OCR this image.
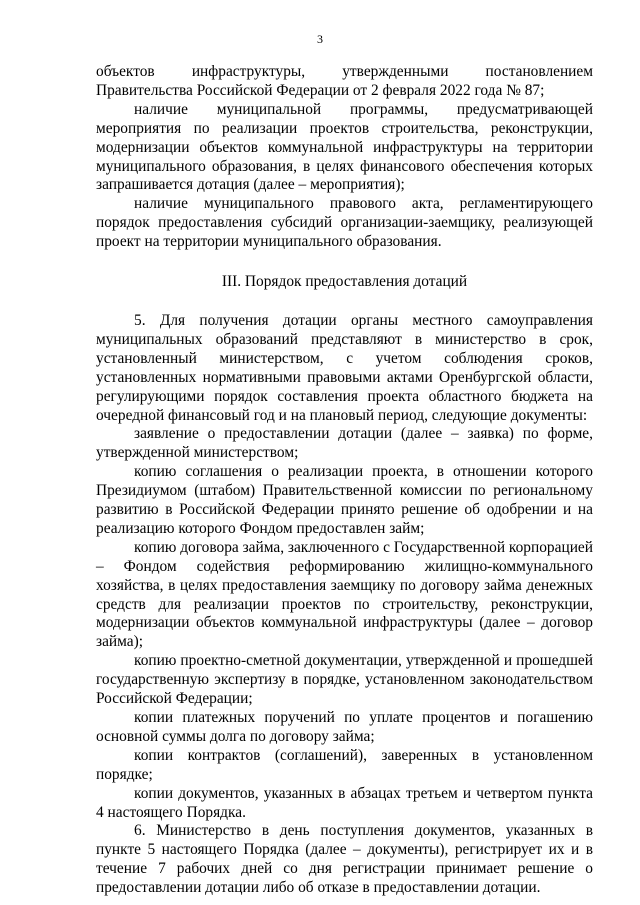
3

объектов инфраструктуры, утвержденными постановлением Правительства Российской Федерации от 2 февраля 2022 года № 87;

наличие муниципальной программы, предусматривающей мероприятия по реализации проектов строительства, реконструкции, модернизации объектов коммунальной инфраструктуры на территории муниципального образования, в целях финансового обеспечения которых запрашивается дотация (далее – мероприятия);

наличие муниципального правового акта, регламентирующего порядок предоставления субсидий организации-заемщику, реализующей проект на территории муниципального образования.

III. Порядок предоставления дотаций

5. Для получения дотации органы местного самоуправления муниципальных образований представляют в министерство в срок, установленный министерством, с учетом соблюдения сроков, установленных нормативными правовыми актами Оренбургской области, регулирующими порядок составления проекта областного бюджета на очередной финансовый год и на плановый период, следующие документы:

заявление о предоставлении дотации (далее – заявка) по форме, утвержденной министерством;

копию соглашения о реализации проекта, в отношении которого Президиумом (штабом) Правительственной комиссии по региональному развитию в Российской Федерации принято решение об одобрении и на реализацию которого Фондом предоставлен займ;

копию договора займа, заключенного с Государственной корпорацией – Фондом содействия реформированию жилищно-коммунального хозяйства, в целях предоставления заемщику по договору займа денежных средств для реализации проектов по строительству, реконструкции, модернизации объектов коммунальной инфраструктуры (далее – договор займа);

копию проектно-сметной документации, утвержденной и прошедшей государственную экспертизу в порядке, установленном законодательством Российской Федерации;

копии платежных поручений по уплате процентов и погашению основной суммы долга по договору займа;

копии контрактов (соглашений), заверенных в установленном порядке;

копии документов, указанных в абзацах третьем и четвертом пункта 4 настоящего Порядка.

6. Министерство в день поступления документов, указанных в пункте 5 настоящего Порядка (далее – документы), регистрирует их и в течение 7 рабочих дней со дня регистрации принимает решение о предоставлении дотации либо об отказе в предоставлении дотации.
